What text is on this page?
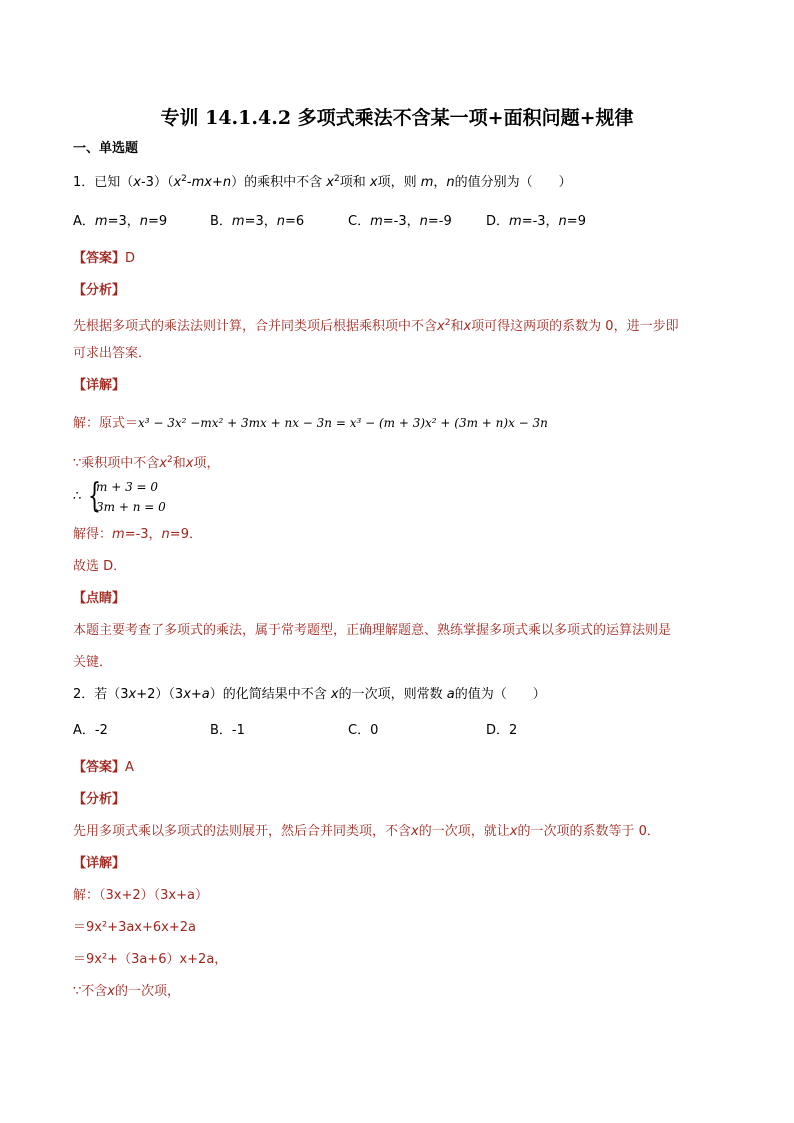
专训 14.1.4.2 多项式乘法不含某一项+面积问题+规律
一、单选题
1．已知$(x-3)(x^2-mx+n)$的乘积中不含 $x^2$项和 x项，则 m，n的值分别为（　　）
A．m=3，n=9	B．m=3，n=6	C．m=-3，n=-9	D．m=-3，n=9
【答案】D
【分析】
先根据多项式的乘法法则计算，合并同类项后根据乘积项中不含$x^2$和x项可得这两项的系数为 0，进一步即
可求出答案．
【详解】
解：原式＝x³ − 3x² −mx² + 3mx + nx − 3n = x³ − (m + 3)x² + (3m + n)x − 3n
∵乘积项中不含$x^2$和x项，
∴ {
m + 3 = 0
3m + n = 0
解得：m=-3，n=9．
故选 D．
【点睛】
本题主要考查了多项式的乘法，属于常考题型，正确理解题意、熟练掌握多项式乘以多项式的运算法则是
关键．
2．若（3x+2）（3x+a）的化简结果中不含 x的一次项，则常数 a的值为（　　）
A．-2	B．-1	C．0	D．2
【答案】A
【分析】
先用多项式乘以多项式的法则展开，然后合并同类项，不含x的一次项，就让x的一次项的系数等于 0．
【详解】
解：（3x+2）（3x+a）
＝9x²+3ax+6x+2a
＝9x²+（3a+6）x+2a，
∵不含x的一次项，
